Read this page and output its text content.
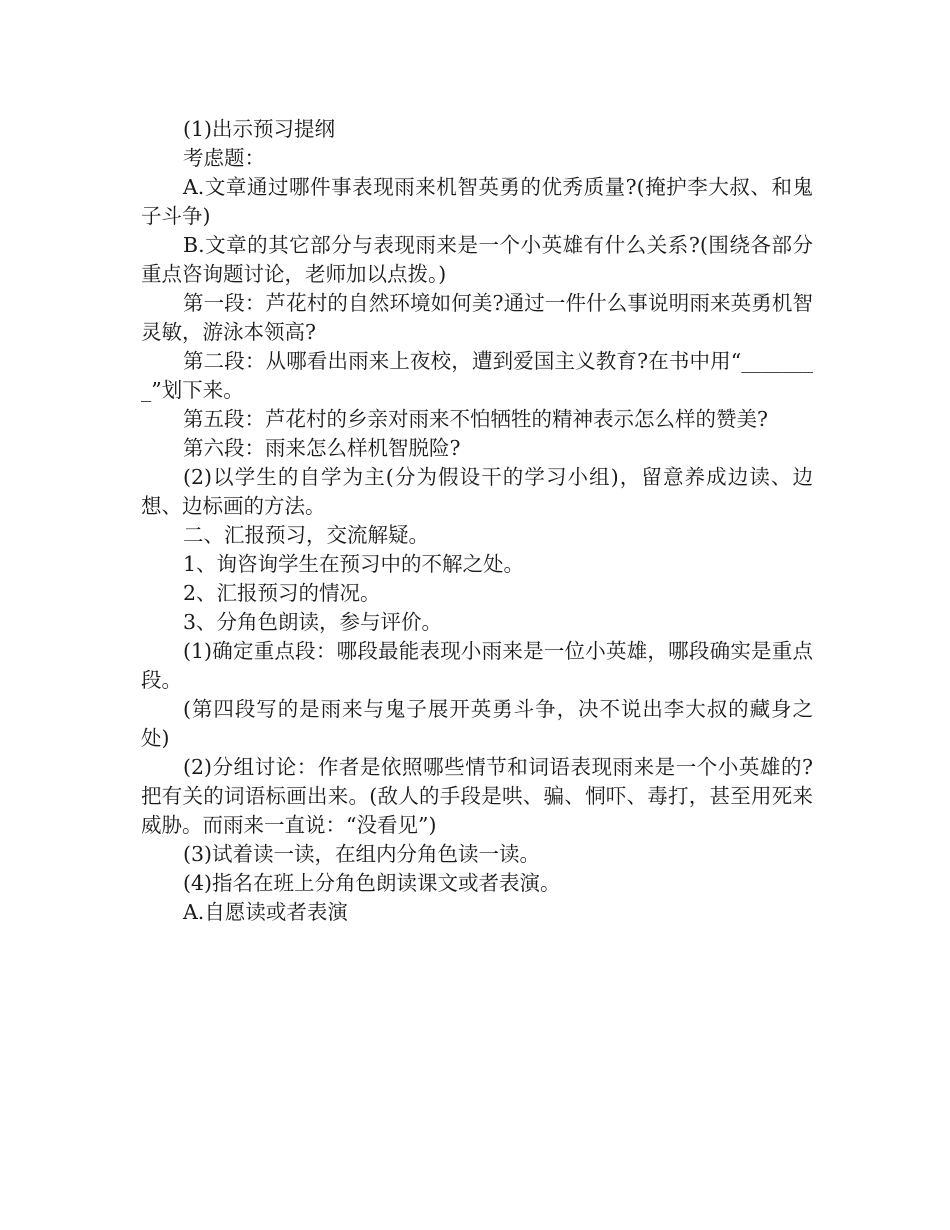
(1)出示预习提纲

考虑题：

A.文章通过哪件事表现雨来机智英勇的优秀质量?(掩护李大叔、和鬼子斗争)

B.文章的其它部分与表现雨来是一个小英雄有什么关系?(围绕各部分重点咨询题讨论，老师加以点拨。)

第一段：芦花村的自然环境如何美?通过一件什么事说明雨来英勇机智灵敏，游泳本领高?

第二段：从哪看出雨来上夜校，遭到爱国主义教育?在书中用“________”划下来。

第五段：芦花村的乡亲对雨来不怕牺牲的精神表示怎么样的赞美?

第六段：雨来怎么样机智脱险?

(2)以学生的自学为主(分为假设干的学习小组)，留意养成边读、边想、边标画的方法。

二、汇报预习，交流解疑。

1、询咨询学生在预习中的不解之处。

2、汇报预习的情况。

3、分角色朗读，参与评价。

(1)确定重点段：哪段最能表现小雨来是一位小英雄，哪段确实是重点段。

(第四段写的是雨来与鬼子展开英勇斗争，决不说出李大叔的藏身之处)

(2)分组讨论：作者是依照哪些情节和词语表现雨来是一个小英雄的?把有关的词语标画出来。(敌人的手段是哄、骗、恫吓、毒打，甚至用死来威胁。而雨来一直说：“没看见”)

(3)试着读一读，在组内分角色读一读。

(4)指名在班上分角色朗读课文或者表演。

A.自愿读或者表演
